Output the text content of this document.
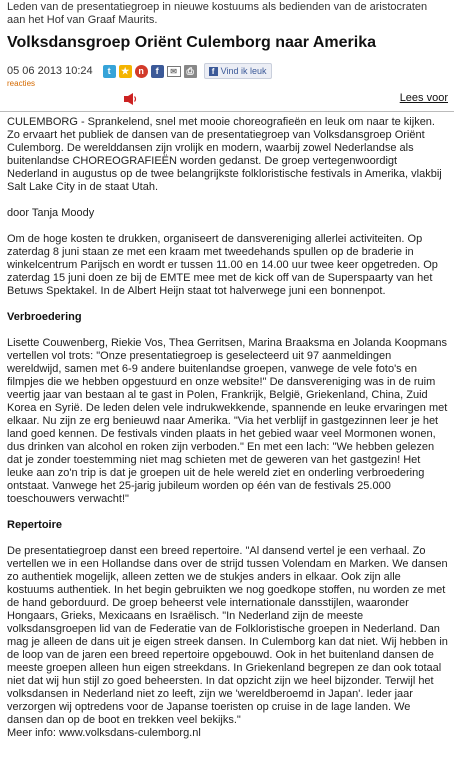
Leden van de presentatiegroep in nieuwe kostuums als bedienden van de aristocraten aan het Hof van Graaf Maurits.

Volksdansgroep Oriënt Culemborg naar Amerika
05 06 2013 10:24	t	★	n	f	✉	⎙	f Vind ik leuk
reacties
Lees voor

CULEMBORG - Sprankelend, snel met mooie choreografieën en leuk om naar te kijken. Zo ervaart het publiek de dansen van de presentatiegroep van Volksdansgroep Oriënt Culemborg. De werelddansen zijn vrolijk en modern, waarbij zowel Nederlandse als buitenlandse CHOREOGRAFIEËN worden gedanst. De groep vertegenwoordigt Nederland in augustus op de twee belangrijkste folkloristische festivals in Amerika, vlakbij Salt Lake City in de staat Utah.

door Tanja Moody

Om de hoge kosten te drukken, organiseert de dansvereniging allerlei activiteiten. Op zaterdag 8 juni staan ze met een kraam met tweedehands spullen op de braderie in winkelcentrum Parijsch en wordt er tussen 11.00 en 14.00 uur twee keer opgetreden. Op zaterdag 15 juni doen ze bij de EMTE mee met de kick off van de Superspaarty van het Betuws Spektakel. In de Albert Heijn staat tot halverwege juni een bonnenpot.

Verbroedering

Lisette Couwenberg, Riekie Vos, Thea Gerritsen, Marina Braaksma en Jolanda Koopmans vertellen vol trots: "Onze presentatiegroep is geselecteerd uit 97 aanmeldingen wereldwijd, samen met 6-9 andere buitenlandse groepen, vanwege de vele foto's en filmpjes die we hebben opgestuurd en onze website!" De dansvereniging was in de ruim veertig jaar van bestaan al te gast in Polen, Frankrijk, België, Griekenland, China, Zuid Korea en Syrië. De leden delen vele indrukwekkende, spannende en leuke ervaringen met elkaar. Nu zijn ze erg benieuwd naar Amerika. "Via het verblijf in gastgezinnen leer je het land goed kennen. De festivals vinden plaats in het gebied waar veel Mormonen wonen, dus drinken van alcohol en roken zijn verboden." En met een lach: "We hebben gelezen dat je zonder toestemming niet mag schieten met de geweren van het gastgezin! Het leuke aan zo'n trip is dat je groepen uit de hele wereld ziet en onderling verbroedering ontstaat. Vanwege het 25-jarig jubileum worden op één van de festivals 25.000 toeschouwers verwacht!"

Repertoire

De presentatiegroep danst een breed repertoire. "Al dansend vertel je een verhaal. Zo vertellen we in een Hollandse dans over de strijd tussen Volendam en Marken. We dansen zo authentiek mogelijk, alleen zetten we de stukjes anders in elkaar. Ook zijn alle kostuums authentiek. In het begin gebruikten we nog goedkope stoffen, nu worden ze met de hand geborduurd. De groep beheerst vele internationale dansstijlen, waaronder Hongaars, Grieks, Mexicaans en Israëlisch. "In Nederland zijn de meeste volksdansgroepen lid van de Federatie van de Folkloristische groepen in Nederland. Dan mag je alleen de dans uit je eigen streek dansen. In Culemborg kan dat niet. Wij hebben in de loop van de jaren een breed repertoire opgebouwd. Ook in het buitenland dansen de meeste groepen alleen hun eigen streekdans. In Griekenland begrepen ze dan ook totaal niet dat wij hun stijl zo goed beheersten. In dat opzicht zijn we heel bijzonder. Terwijl het volksdansen in Nederland niet zo leeft, zijn we 'wereldberoemd in Japan'. Ieder jaar verzorgen wij optredens voor de Japanse toeristen op cruise in de lage landen. We dansen dan op de boot en trekken veel bekijks."

Meer info: www.volksdans-culemborg.nl
